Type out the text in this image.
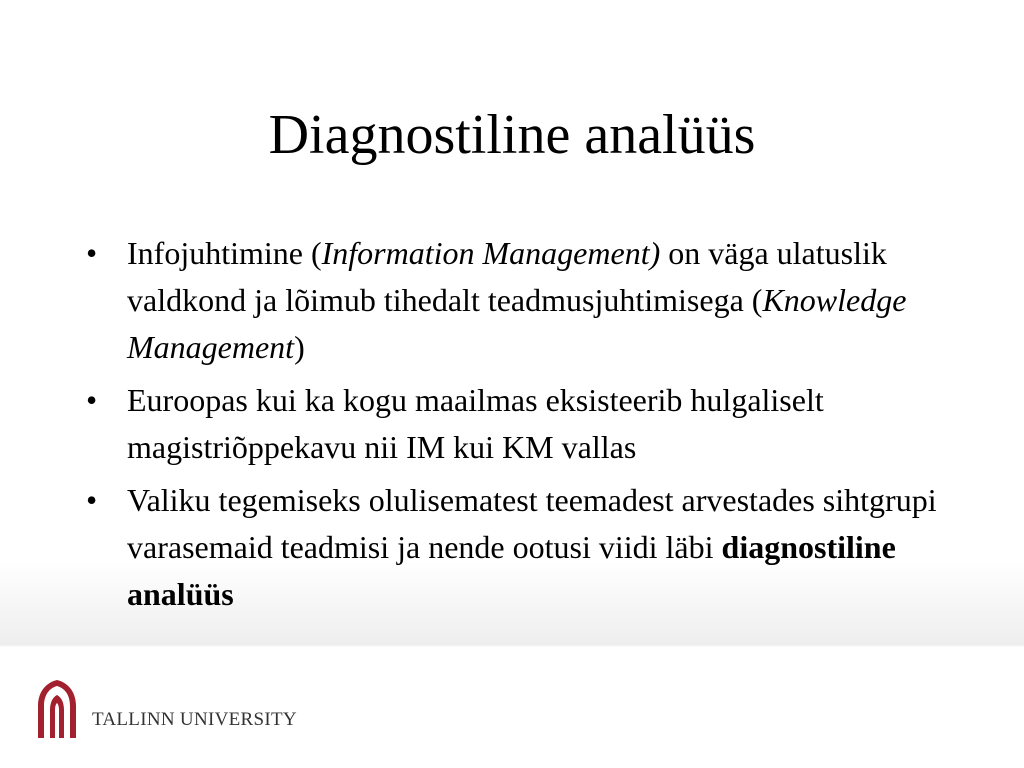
Diagnostiline analüüs
• Infojuhtimine (Information Management) on väga ulatuslik valdkond ja lõimub tihedalt teadmusjuhtimisega (Knowledge Management)
• Euroopas kui ka kogu maailmas eksisteerib hulgaliselt magistriõppekavu nii IM kui KM vallas
• Valiku tegemiseks olulisematest teemadest arvestades sihtgrupi varasemaid teadmisi ja nende ootusi viidi läbi diagnostiline analüüs
TALLINN UNIVERSITY
